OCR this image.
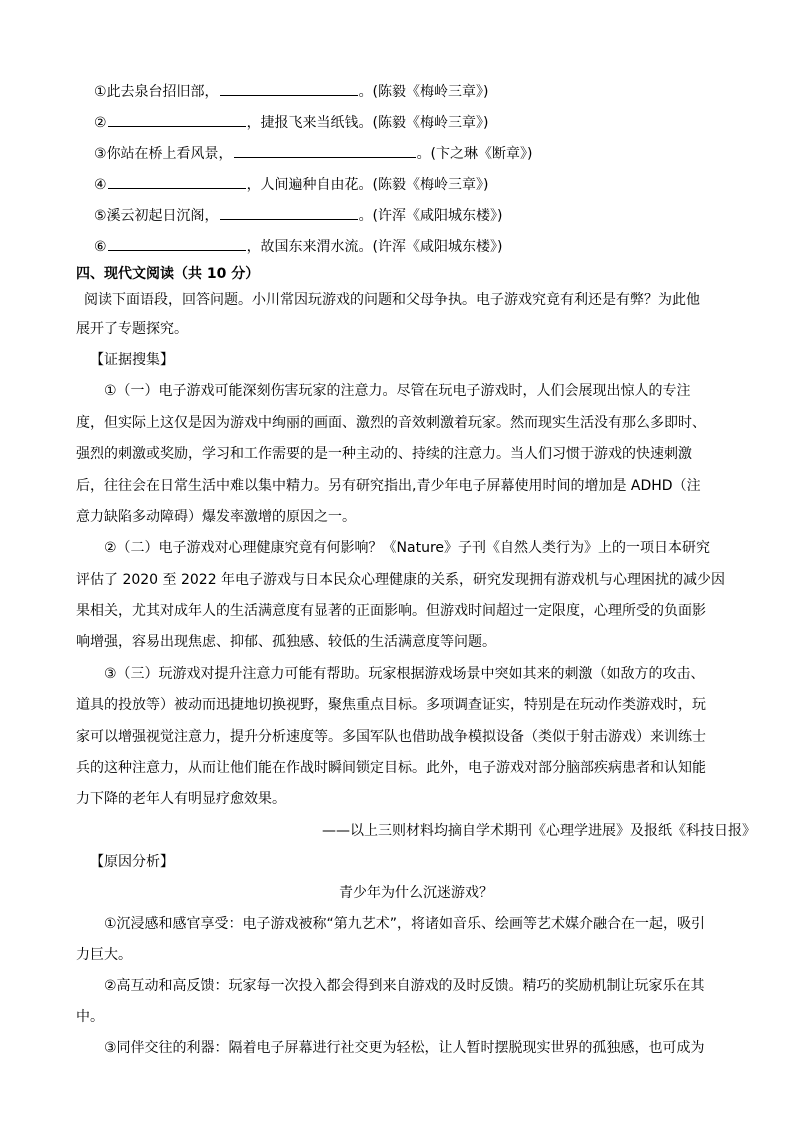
①此去泉台招旧部，	。(陈毅《梅岭三章》)
②	，捷报飞来当纸钱。(陈毅《梅岭三章》)
③你站在桥上看风景，	。(卞之琳《断章》)
④	，人间遍种自由花。(陈毅《梅岭三章》)
⑤溪云初起日沉阁，	。(许浑《咸阳城东楼》)
⑥	，故国东来渭水流。(许浑《咸阳城东楼》)
四、现代文阅读（共 10 分）
阅读下面语段，回答问题。小川常因玩游戏的问题和父母争执。电子游戏究竟有利还是有弊？为此他
展开了专题探究。
【证据搜集】
①（一）电子游戏可能深刻伤害玩家的注意力。尽管在玩电子游戏时，人们会展现出惊人的专注
度，但实际上这仅是因为游戏中绚丽的画面、激烈的音效刺激着玩家。然而现实生活没有那么多即时、
强烈的刺激或奖励，学习和工作需要的是一种主动的、持续的注意力。当人们习惯于游戏的快速刺激
后，往往会在日常生活中难以集中精力。另有研究指出,青少年电子屏幕使用时间的增加是 ADHD（注
意力缺陷多动障碍）爆发率激增的原因之一。
②（二）电子游戏对心理健康究竟有何影响？《Nature》子刊《自然人类行为》上的一项日本研究
评估了 2020 至 2022 年电子游戏与日本民众心理健康的关系，研究发现拥有游戏机与心理困扰的减少因
果相关，尤其对成年人的生活满意度有显著的正面影响。但游戏时间超过一定限度，心理所受的负面影
响增强，容易出现焦虑、抑郁、孤独感、较低的生活满意度等问题。
③（三）玩游戏对提升注意力可能有帮助。玩家根据游戏场景中突如其来的刺激（如敌方的攻击、
道具的投放等）被动而迅捷地切换视野，聚焦重点目标。多项调查证实，特别是在玩动作类游戏时，玩
家可以增强视觉注意力，提升分析速度等。多国军队也借助战争模拟设备（类似于射击游戏）来训练士
兵的这种注意力，从而让他们能在作战时瞬间锁定目标。此外，电子游戏对部分脑部疾病患者和认知能
力下降的老年人有明显疗愈效果。
——以上三则材料均摘自学术期刊《心理学进展》及报纸《科技日报》
【原因分析】
青少年为什么沉迷游戏？
①沉浸感和感官享受：电子游戏被称“第九艺术”，将诸如音乐、绘画等艺术媒介融合在一起，吸引
力巨大。
②高互动和高反馈：玩家每一次投入都会得到来自游戏的及时反馈。精巧的奖励机制让玩家乐在其
中。
③同伴交往的利器：隔着电子屏幕进行社交更为轻松，让人暂时摆脱现实世界的孤独感，也可成为
